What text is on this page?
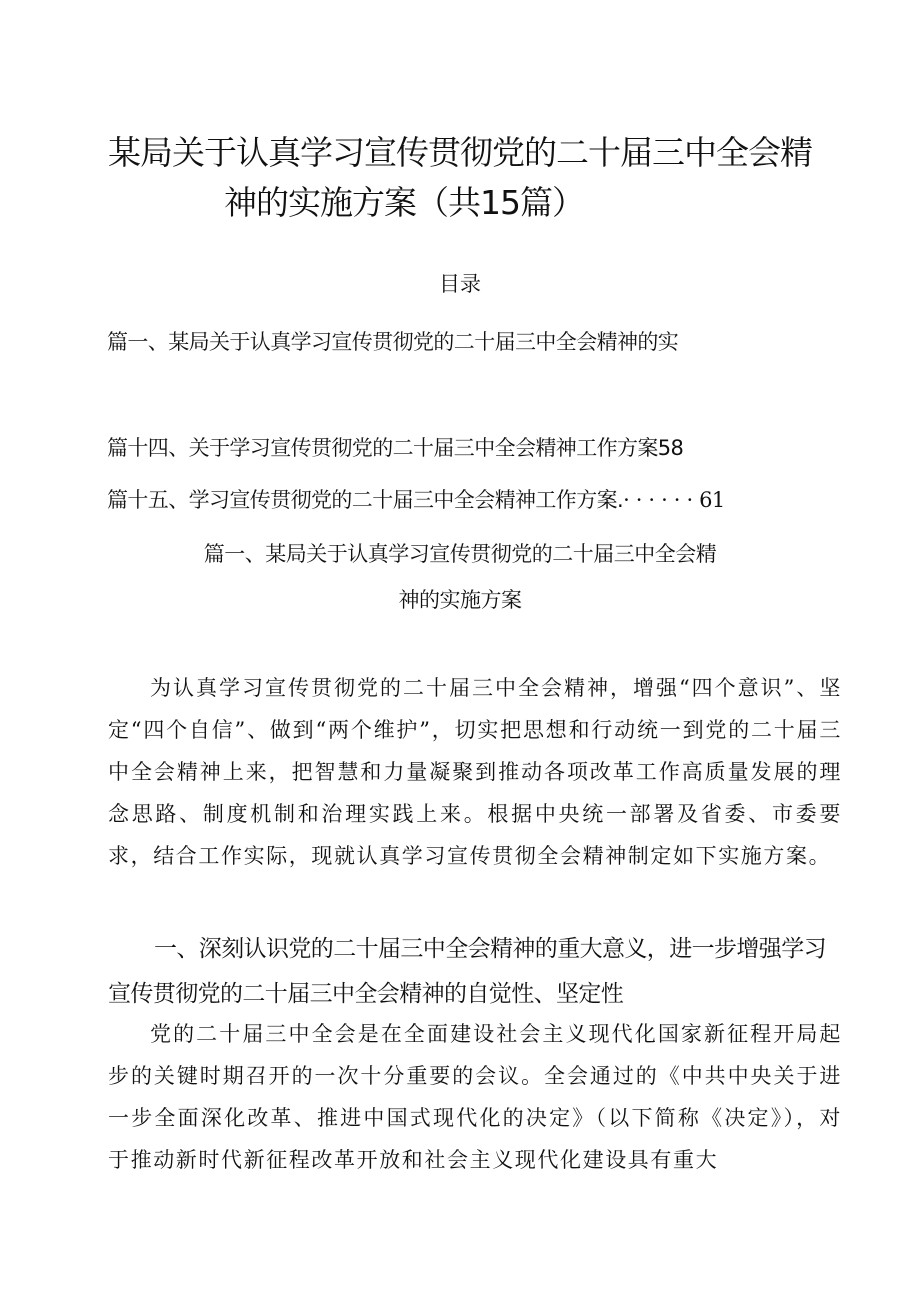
某局关于认真学习宣传贯彻党的二十届三中全会精
神的实施方案（共15篇）
目录
篇一、某局关于认真学习宣传贯彻党的二十届三中全会精神的实
篇十四、关于学习宣传贯彻党的二十届三中全会精神工作方案58
篇十五、学习宣传贯彻党的二十届三中全会精神工作方案.······61
篇一、某局关于认真学习宣传贯彻党的二十届三中全会精
神的实施方案

为认真学习宣传贯彻党的二十届三中全会精神，增强“四个意识”、坚定“四个自信”、做到“两个维护”，切实把思想和行动统一到党的二十届三中全会精神上来，把智慧和力量凝聚到推动各项改革工作高质量发展的理念思路、制度机制和治理实践上来。根据中央统一部署及省委、市委要求，结合工作实际，现就认真学习宣传贯彻全会精神制定如下实施方案。

一、深刻认识党的二十届三中全会精神的重大意义，进一步增强学习宣传贯彻党的二十届三中全会精神的自觉性、坚定性

党的二十届三中全会是在全面建设社会主义现代化国家新征程开局起步的关键时期召开的一次十分重要的会议。全会通过的《中共中央关于进一步全面深化改革、推进中国式现代化的决定》（以下简称《决定》），对于推动新时代新征程改革开放和社会主义现代化建设具有重大
